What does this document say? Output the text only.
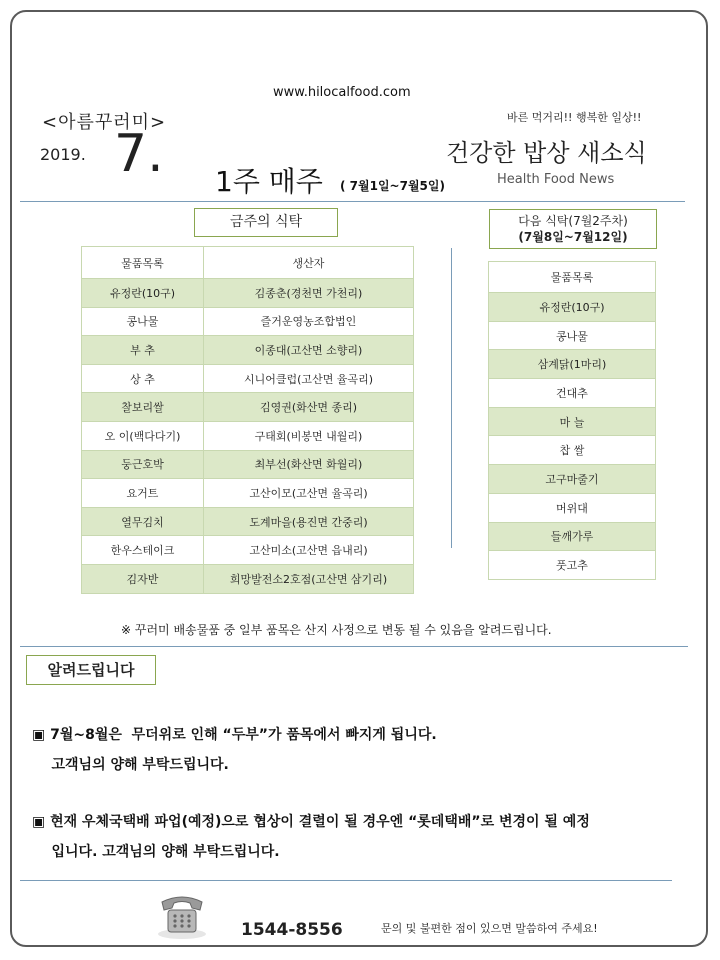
www.hilocalfood.com
<아름꾸러미>	바른 먹거리!! 행복한 일상!!
2019. 7. 1주 매주 ( 7월1일~7월5일)
건강한 밥상 새소식
Health Food News
금주의 식탁
물품목록	생산자
유정란(10구)	김종춘(경천면 가천리)
콩나물	즐거운영농조합법인
부 추	이종대(고산면 소향리)
상 추	시니어클럽(고산면 율곡리)
찰보리쌀	김영권(화산면 종리)
오 이(백다다기)	구태회(비봉면 내월리)
둥근호박	최부선(화산면 화월리)
요거트	고산이모(고산면 율곡리)
열무김치	도계마을(용진면 간중리)
한우스테이크	고산미소(고산면 읍내리)
김자반	희망발전소2호점(고산면 삼기리)
다음 식탁(7월2주차)
(7월8일~7월12일)
물품목록
유정란(10구)
콩나물
삼계닭(1마리)
건대추
마 늘
찹 쌀
고구마줄기
머위대
들깨가루
풋고추
※ 꾸러미 배송물품 중 일부 품목은 산지 사정으로 변동 될 수 있음을 알려드립니다.
알려드립니다
▣ 7월~8월은  무더위로 인해 “두부”가 품목에서 빠지게 됩니다.
고객님의 양해 부탁드립니다.
▣ 현재 우체국택배 파업(예정)으로 협상이 결렬이 될 경우엔 “롯데택배”로 변경이 될 예정
입니다. 고객님의 양해 부탁드립니다.
1544-8556	문의 및 불편한 점이 있으면 말씀하여 주세요!
